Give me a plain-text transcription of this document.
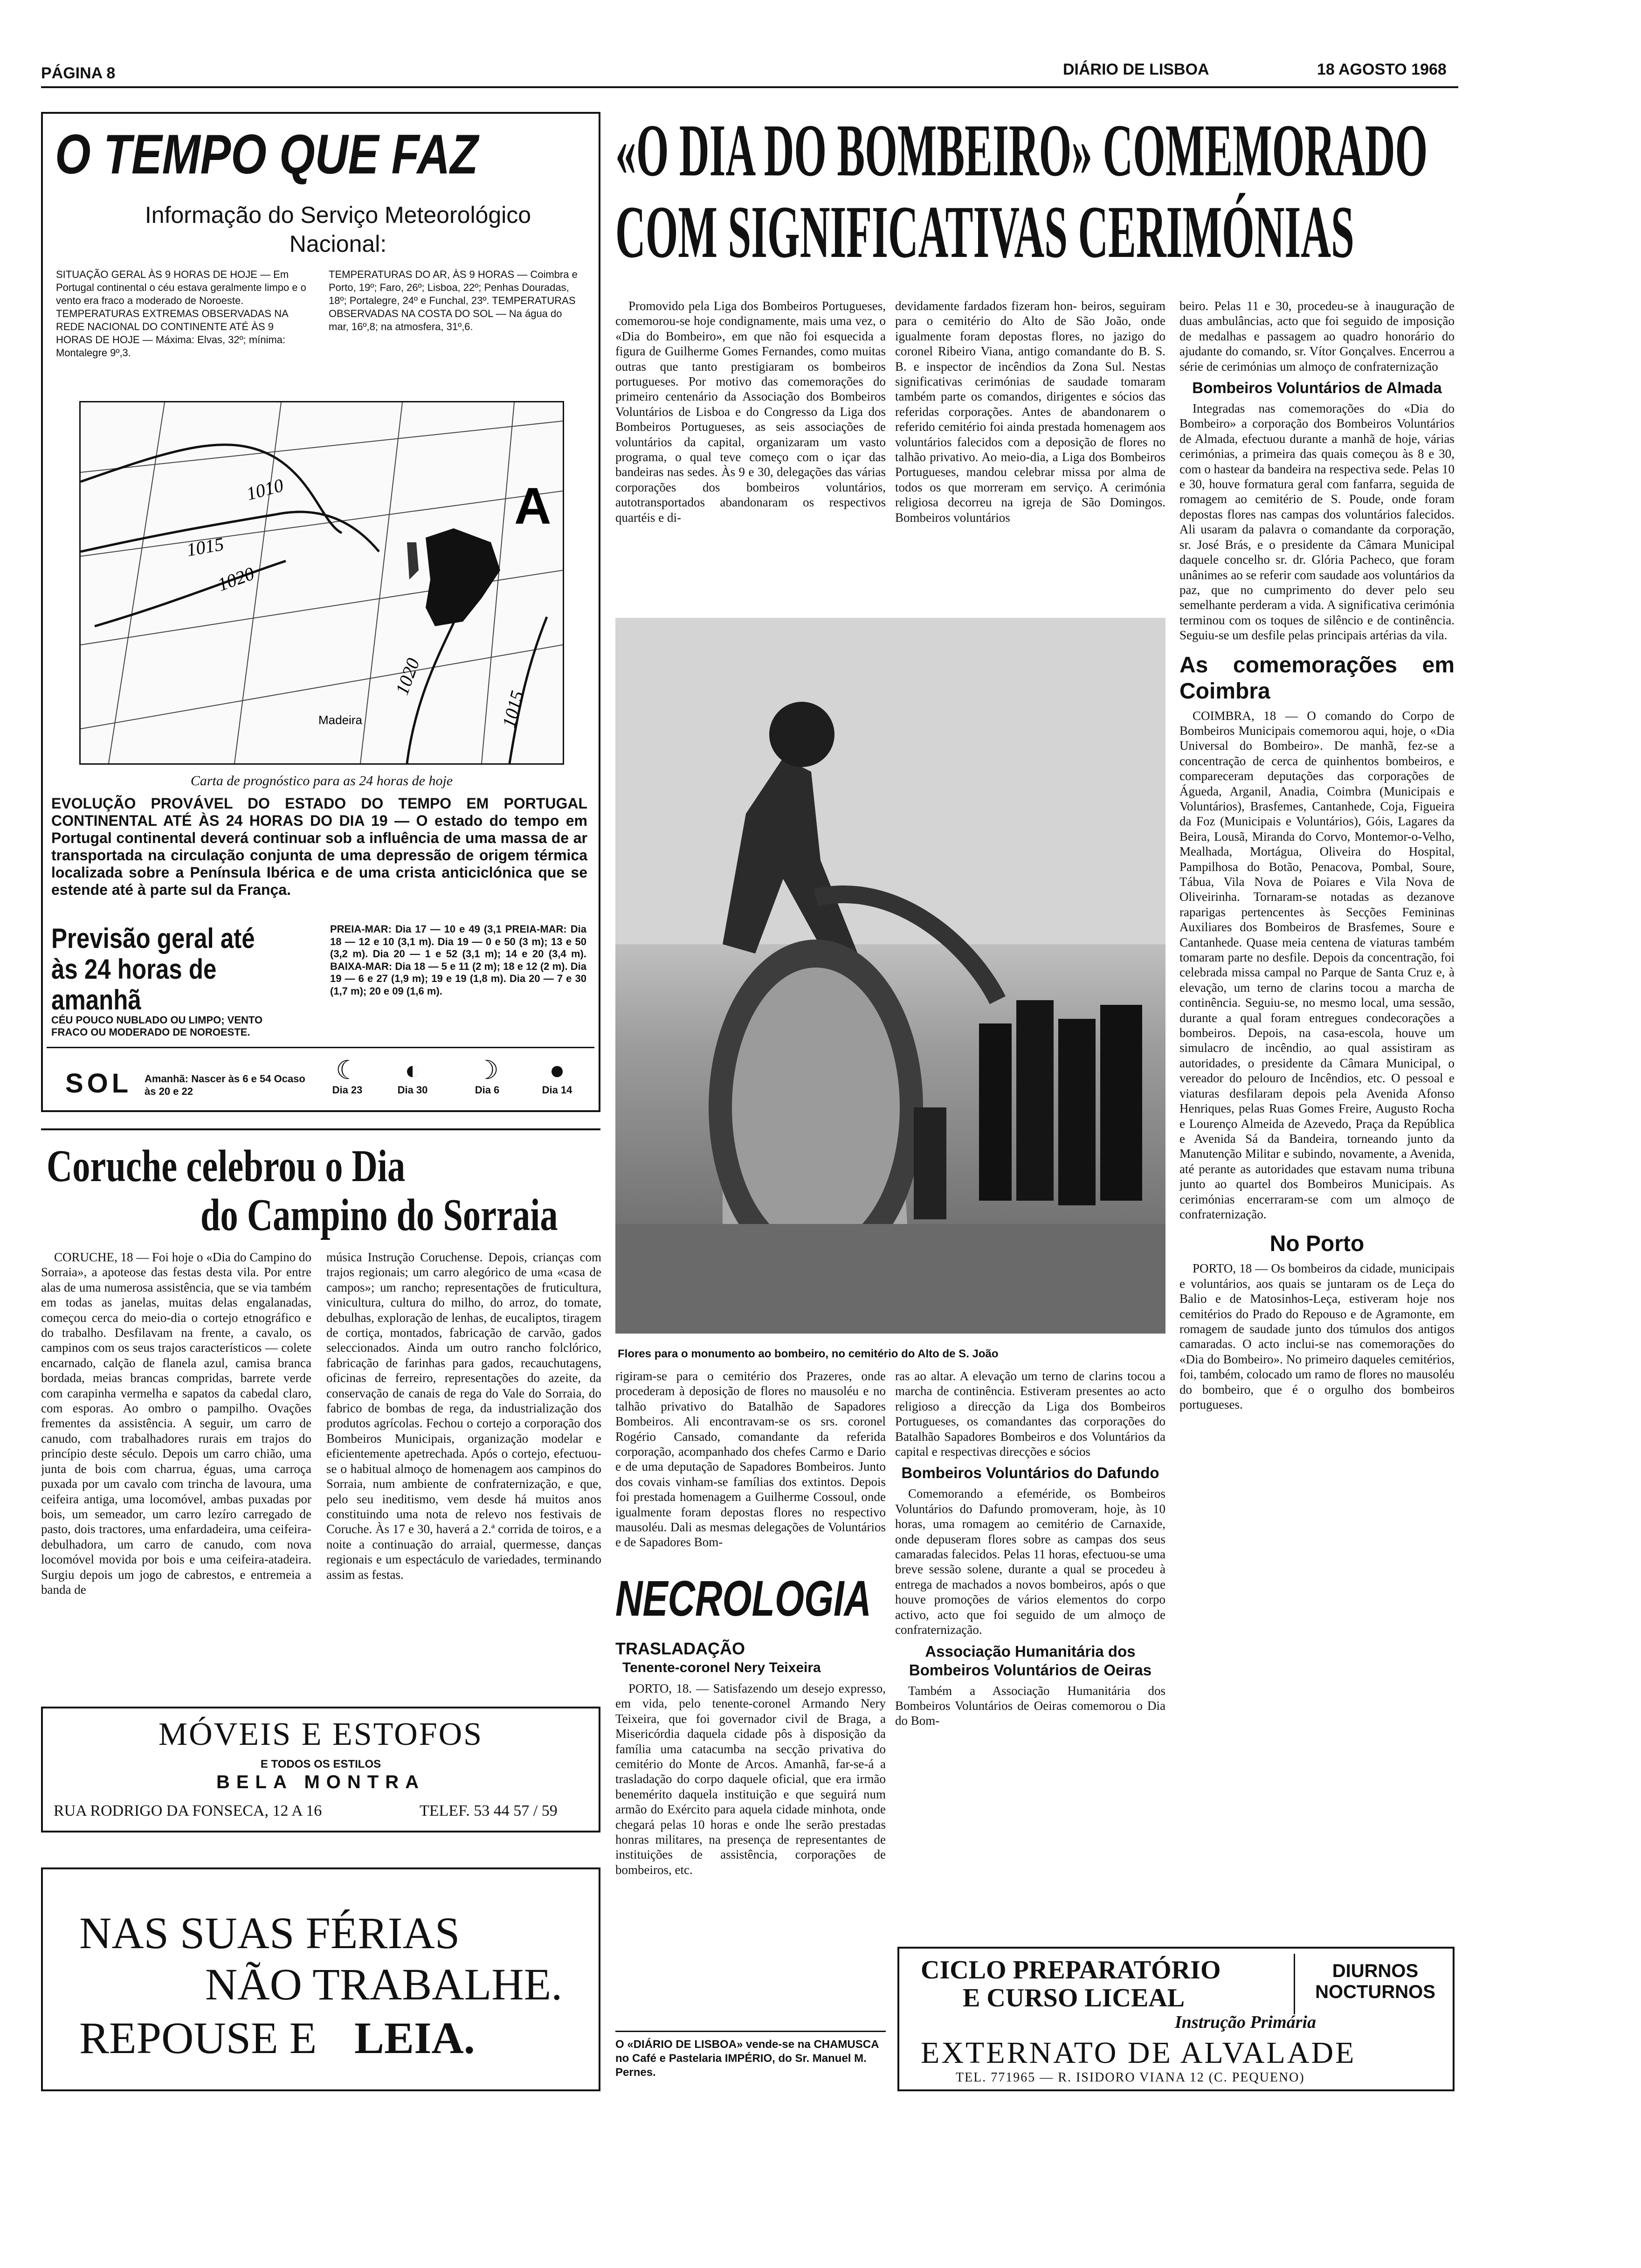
PÁGINA 8	DIÁRIO DE LISBOA	18 AGOSTO 1968
O TEMPO QUE FAZ
Informação do Serviço Meteorológico Nacional:
SITUAÇÃO GERAL ÀS 9 HORAS DE HOJE — Em Portugal continental o céu estava geralmente limpo e o vento era fraco a moderado de Noroeste. TEMPERATURAS EXTREMAS OBSERVADAS NA REDE NACIONAL DO CONTINENTE ATÉ ÀS 9 HORAS DE HOJE — Máxima: Elvas, 32º; mínima: Montalegre 9º,3.
TEMPERATURAS DO AR, ÀS 9 HORAS — Coimbra e Porto, 19º; Faro, 26º; Lisboa, 22º; Penhas Douradas, 18º; Portalegre, 24º e Funchal, 23º. TEMPERATURAS OBSERVADAS NA COSTA DO SOL — Na água do mar, 16º,8; na atmosfera, 31º,6.
A
1010
1015
1020
1020
1015
Madeira
Carta de prognóstico para as 24 horas de hoje
EVOLUÇÃO PROVÁVEL DO ESTADO DO TEMPO EM PORTUGAL CONTINENTAL ATÉ ÀS 24 HORAS DO DIA 19 — O estado do tempo em Portugal continental deverá continuar sob a influência de uma massa de ar transportada na circulação conjunta de uma depressão de origem térmica localizada sobre a Península Ibérica e de uma crista anticiclónica que se estende até à parte sul da França.
Previsão geral até às 24 horas de amanhã
CÉU POUCO NUBLADO OU LIMPO; VENTO FRACO OU MODERADO DE NOROESTE.
PREIA-MAR: Dia 17 — 10 e 49 (3,1 PREIA-MAR: Dia 18 — 12 e 10 (3,1 m). Dia 19 — 0 e 50 (3 m); 13 e 50 (3,2 m). Dia 20 — 1 e 52 (3,1 m); 14 e 20 (3,4 m). BAIXA-MAR: Dia 18 — 5 e 11 (2 m); 18 e 12 (2 m). Dia 19 — 6 e 27 (1,9 m); 19 e 19 (1,8 m). Dia 20 — 7 e 30 (1,7 m); 20 e 09 (1,6 m).
SOL Amanhã: Nascer às 6 e 54 Ocaso às 20 e 22
☾
Dia 23
◐
Dia 30
☽
Dia 6
●
Dia 14
Coruche celebrou o Dia
do Campino do Sorraia

CORUCHE, 18 — Foi hoje o «Dia do Campino do Sorraia», a apoteose das festas desta vila. Por entre alas de uma numerosa assistência, que se via também em todas as janelas, muitas delas engalanadas, começou cerca do meio-dia o cortejo etnográfico e do trabalho. Desfilavam na frente, a cavalo, os campinos com os seus trajos característicos — colete encarnado, calção de flanela azul, camisa branca bordada, meias brancas compridas, barrete verde com carapinha vermelha e sapatos da cabedal claro, com esporas. Ao ombro o pampilho. Ovações frementes da assistência. A seguir, um carro de canudo, com trabalhadores rurais em trajos do princípio deste século. Depois um carro chião, uma junta de bois com charrua, éguas, uma carroça puxada por um cavalo com trincha de lavoura, uma ceifeira antiga, uma locomóvel, ambas puxadas por bois, um semeador, um carro lezíro carregado de pasto, dois tractores, uma enfardadeira, uma ceifeira-debulhadora, um carro de canudo, com nova locomóvel movida por bois e uma ceifeira-atadeira. Surgiu depois um jogo de cabrestos, e entremeia a banda de

música Instrução Coruchense. Depois, crianças com trajos regionais; um carro alegórico de uma «casa de campos»; um rancho; representações de fruticultura, vinicultura, cultura do milho, do arroz, do tomate, debulhas, exploração de lenhas, de eucaliptos, tiragem de cortiça, montados, fabricação de carvão, gados seleccionados. Ainda um outro rancho folclórico, fabricação de farinhas para gados, recauchutagens, oficinas de ferreiro, representações do azeite, da conservação de canais de rega do Vale do Sorraia, do fabrico de bombas de rega, da industrialização dos produtos agrícolas. Fechou o cortejo a corporação dos Bombeiros Municipais, organização modelar e eficientemente apetrechada. Após o cortejo, efectuou-se o habitual almoço de homenagem aos campinos do Sorraia, num ambiente de confraternização, e que, pelo seu ineditismo, vem desde há muitos anos constituindo uma nota de relevo nos festivais de Coruche. Às 17 e 30, haverá a 2.ª corrida de toiros, e a noite a continuação do arraial, quermesse, danças regionais e um espectáculo de variedades, terminando assim as festas.

MÓVEIS E ESTOFOS
E TODOS OS ESTILOS
BELA MONTRA
RUA RODRIGO DA FONSECA, 12 A 16	TELEF. 53 44 57 / 59
NAS SUAS FÉRIAS
NÃO TRABALHE.
REPOUSE E LEIA.
«O DIA DO BOMBEIRO» COMEMORADO
COM SIGNIFICATIVAS CERIMÓNIAS

Promovido pela Liga dos Bombeiros Portugueses, comemorou-se hoje condignamente, mais uma vez, o «Dia do Bombeiro», em que não foi esquecida a figura de Guilherme Gomes Fernandes, como muitas outras que tanto prestigiaram os bombeiros portugueses. Por motivo das comemorações do primeiro centenário da Associação dos Bombeiros Voluntários de Lisboa e do Congresso da Liga dos Bombeiros Portugueses, as seis associações de voluntários da capital, organizaram um vasto programa, o qual teve começo com o içar das bandeiras nas sedes. Às 9 e 30, delegações das várias corporações dos bombeiros voluntários, autotransportados abandonaram os respectivos quartéis e di-

devidamente fardados fizeram hon- beiros, seguiram para o cemitério do Alto de São João, onde igualmente foram depostas flores, no jazigo do coronel Ribeiro Viana, antigo comandante do B. S. B. e inspector de incêndios da Zona Sul. Nestas significativas cerimónias de saudade tomaram também parte os comandos, dirigentes e sócios das referidas corporações. Antes de abandonarem o referido cemitério foi ainda prestada homenagem aos voluntários falecidos com a deposição de flores no talhão privativo. Ao meio-dia, a Liga dos Bombeiros Portugueses, mandou celebrar missa por alma de todos os que morreram em serviço. A cerimónia religiosa decorreu na igreja de São Domingos. Bombeiros voluntários

Flores para o monumento ao bombeiro, no cemitério do Alto de S. João

rigiram-se para o cemitério dos Prazeres, onde procederam à deposição de flores no mausoléu e no talhão privativo do Batalhão de Sapadores Bombeiros. Ali encontravam-se os srs. coronel Rogério Cansado, comandante da referida corporação, acompanhado dos chefes Carmo e Dario e de uma deputação de Sapadores Bombeiros. Junto dos covais vinham-se famílias dos extintos. Depois foi prestada homenagem a Guilherme Cossoul, onde igualmente foram depostas flores no respectivo mausoléu. Dali as mesmas delegações de Voluntários e de Sapadores Bom-

NECROLOGIA
TRASLADAÇÃO
Tenente-coronel Nery Teixeira

PORTO, 18. — Satisfazendo um desejo expresso, em vida, pelo tenente-coronel Armando Nery Teixeira, que foi governador civil de Braga, a Misericórdia daquela cidade pôs à disposição da família uma catacumba na secção privativa do cemitério do Monte de Arcos. Amanhã, far-se-á a trasladação do corpo daquele oficial, que era irmão benemérito daquela instituição e que seguirá num armão do Exército para aquela cidade minhota, onde chegará pelas 10 horas e onde lhe serão prestadas honras militares, na presença de representantes de instituições de assistência, corporações de bombeiros, etc.

O «DIÁRIO DE LISBOA» vende-se na CHAMUSCA no Café e Pastelaria IMPÉRIO, do Sr. Manuel M. Pernes.

ras ao altar. A elevação um terno de clarins tocou a marcha de continência. Estiveram presentes ao acto religioso a direcção da Liga dos Bombeiros Portugueses, os comandantes das corporações do Batalhão Sapadores Bombeiros e dos Voluntários da capital e respectivas direcções e sócios

Bombeiros Voluntários do Dafundo

Comemorando a efeméride, os Bombeiros Voluntários do Dafundo promoveram, hoje, às 10 horas, uma romagem ao cemitério de Carnaxide, onde depuseram flores sobre as campas dos seus camaradas falecidos. Pelas 11 horas, efectuou-se uma breve sessão solene, durante a qual se procedeu à entrega de machados a novos bombeiros, após o que houve promoções de vários elementos do corpo activo, acto que foi seguido de um almoço de confraternização.

Associação Humanitária dos Bombeiros Voluntários de Oeiras

Também a Associação Humanitária dos Bombeiros Voluntários de Oeiras comemorou o Dia do Bom-

beiro. Pelas 11 e 30, procedeu-se à inauguração de duas ambulâncias, acto que foi seguido de imposição de medalhas e passagem ao quadro honorário do ajudante do comando, sr. Vítor Gonçalves. Encerrou a série de cerimónias um almoço de confraternização

Bombeiros Voluntários de Almada

Integradas nas comemorações do «Dia do Bombeiro» a corporação dos Bombeiros Voluntários de Almada, efectuou durante a manhã de hoje, várias cerimónias, a primeira das quais começou às 8 e 30, com o hastear da bandeira na respectiva sede. Pelas 10 e 30, houve formatura geral com fanfarra, seguida de romagem ao cemitério de S. Poude, onde foram depostas flores nas campas dos voluntários falecidos. Ali usaram da palavra o comandante da corporação, sr. José Brás, e o presidente da Câmara Municipal daquele concelho sr. dr. Glória Pacheco, que foram unânimes ao se referir com saudade aos voluntários da paz, que no cumprimento do dever pelo seu semelhante perderam a vida. A significativa cerimónia terminou com os toques de silêncio e de continência. Seguiu-se um desfile pelas principais artérias da vila.

As comemorações em Coimbra

COIMBRA, 18 — O comando do Corpo de Bombeiros Municipais comemorou aqui, hoje, o «Dia Universal do Bombeiro». De manhã, fez-se a concentração de cerca de quinhentos bombeiros, e compareceram deputações das corporações de Águeda, Arganil, Anadia, Coimbra (Municipais e Voluntários), Brasfemes, Cantanhede, Coja, Figueira da Foz (Municipais e Voluntários), Góis, Lagares da Beira, Lousã, Miranda do Corvo, Montemor-o-Velho, Mealhada, Mortágua, Oliveira do Hospital, Pampilhosa do Botão, Penacova, Pombal, Soure, Tábua, Vila Nova de Poiares e Vila Nova de Oliveirinha. Tornaram-se notadas as dezanove raparigas pertencentes às Secções Femininas Auxiliares dos Bombeiros de Brasfemes, Soure e Cantanhede. Quase meia centena de viaturas também tomaram parte no desfile. Depois da concentração, foi celebrada missa campal no Parque de Santa Cruz e, à elevação, um terno de clarins tocou a marcha de continência. Seguiu-se, no mesmo local, uma sessão, durante a qual foram entregues condecorações a bombeiros. Depois, na casa-escola, houve um simulacro de incêndio, ao qual assistiram as autoridades, o presidente da Câmara Municipal, o vereador do pelouro de Incêndios, etc. O pessoal e viaturas desfilaram depois pela Avenida Afonso Henriques, pelas Ruas Gomes Freire, Augusto Rocha e Lourenço Almeida de Azevedo, Praça da República e Avenida Sá da Bandeira, torneando junto da Manutenção Militar e subindo, novamente, a Avenida, até perante as autoridades que estavam numa tribuna junto ao quartel dos Bombeiros Municipais. As cerimónias encerraram-se com um almoço de confraternização.

No Porto

PORTO, 18 — Os bombeiros da cidade, municipais e voluntários, aos quais se juntaram os de Leça do Balio e de Matosinhos-Leça, estiveram hoje nos cemitérios do Prado do Repouso e de Agramonte, em romagem de saudade junto dos túmulos dos antigos camaradas. O acto inclui-se nas comemorações do «Dia do Bombeiro». No primeiro daqueles cemitérios, foi, também, colocado um ramo de flores no mausoléu do bombeiro, que é o orgulho dos bombeiros portugueses.

CICLO PREPARATÓRIO
E CURSO LICEAL
DIURNOS
NOCTURNOS
Instrução Primária
EXTERNATO DE ALVALADE
TEL. 771965 — R. ISIDORO VIANA 12 (C. PEQUENO)
